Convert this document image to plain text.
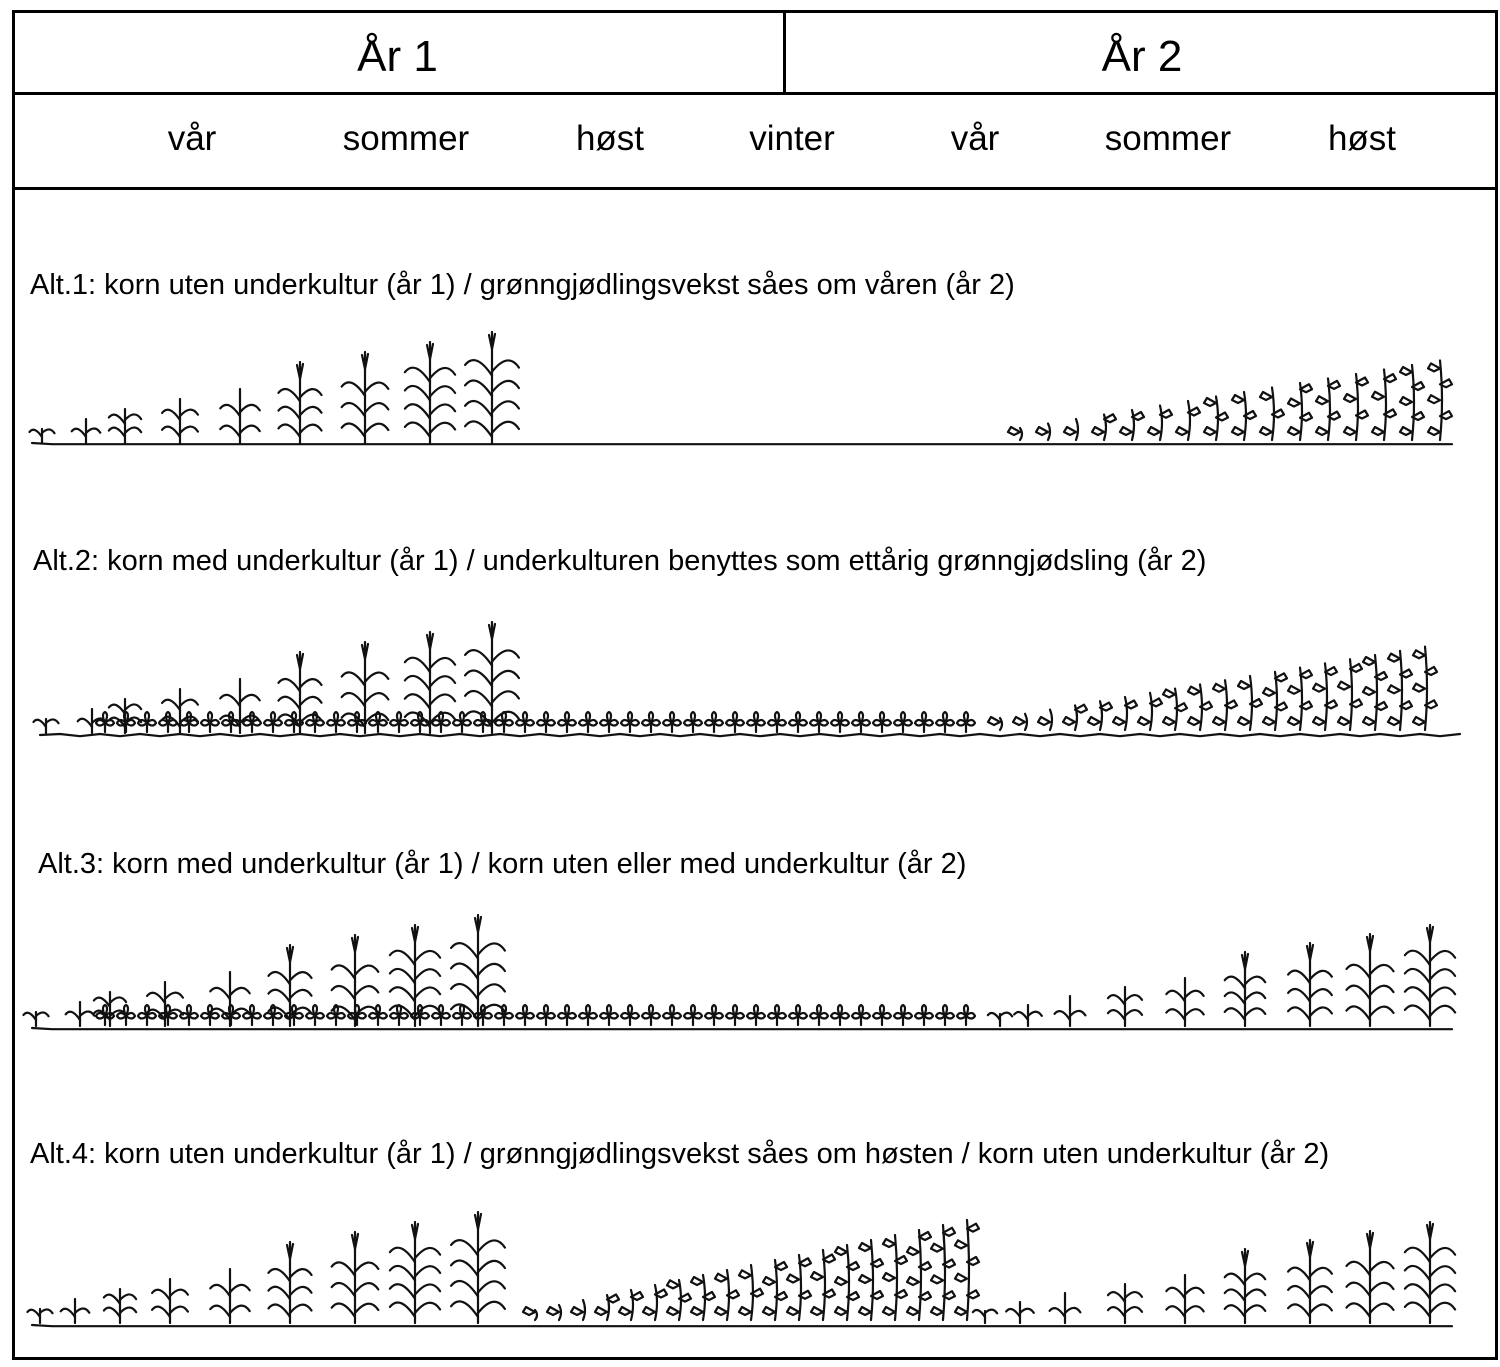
År 1	År 2
vår	sommer	høst	vinter	vår	sommer	høst
Alt.1: korn uten underkultur (år 1) / grønngjødlingsvekst såes om våren (år 2)
Alt.2: korn med underkultur (år 1) / underkulturen benyttes som ettårig grønngjødsling (år 2)
Alt.3: korn med underkultur (år 1) / korn uten eller med underkultur (år 2)
Alt.4: korn uten underkultur (år 1) / grønngjødlingsvekst såes om høsten / korn uten underkultur (år 2)
